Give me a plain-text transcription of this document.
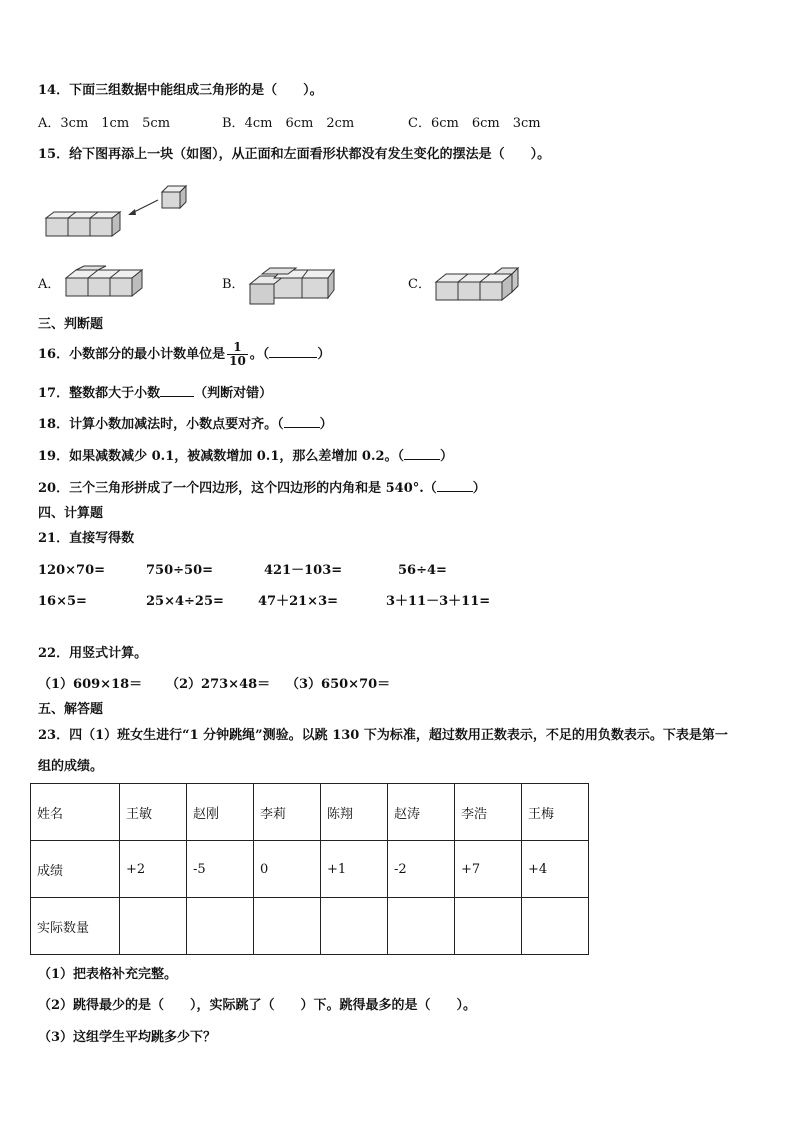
14．下面三组数据中能组成三角形的是（　　）。
A．3cm　1cm　5cm	B．4cm　6cm　2cm	C．6cm　6cm　3cm
15．给下图再添上一块（如图），从正面和左面看形状都没有发生变化的摆法是（　　）。
A．	B．	C．
三、判断题
16．小数部分的最小计数单位是 $\frac{1}{10}$ 。（	）
17．整数都大于小数	（判断对错）
18．计算小数加减法时，小数点要对齐。（	）
19．如果减数减少 0.1，被减数增加 0.1，那么差增加 0.2。（	）
20．三个三角形拼成了一个四边形，这个四边形的内角和是 540°.（	）
四、计算题
21．直接写得数
120×70=	750÷50=	421－103=	56÷4=
16×5=	25×4÷25=	47＋21×3=	3＋11－3＋11=
22．用竖式计算。
（1）609×18＝ （2）273×48＝ （3）650×70＝
五、解答题
23．四（1）班女生进行“1 分钟跳绳”测验。以跳 130 下为标准，超过数用正数表示，不足的用负数表示。下表是第一
组的成绩。
姓名	王敏	赵刚	李莉	陈翔	赵涛	李浩	王梅
成绩	+2	-5	0	+1	-2	+7	+4
实际数量							
（1）把表格补充完整。
（2）跳得最少的是（　　），实际跳了（　　）下。跳得最多的是（　　）。
（3）这组学生平均跳多少下？
